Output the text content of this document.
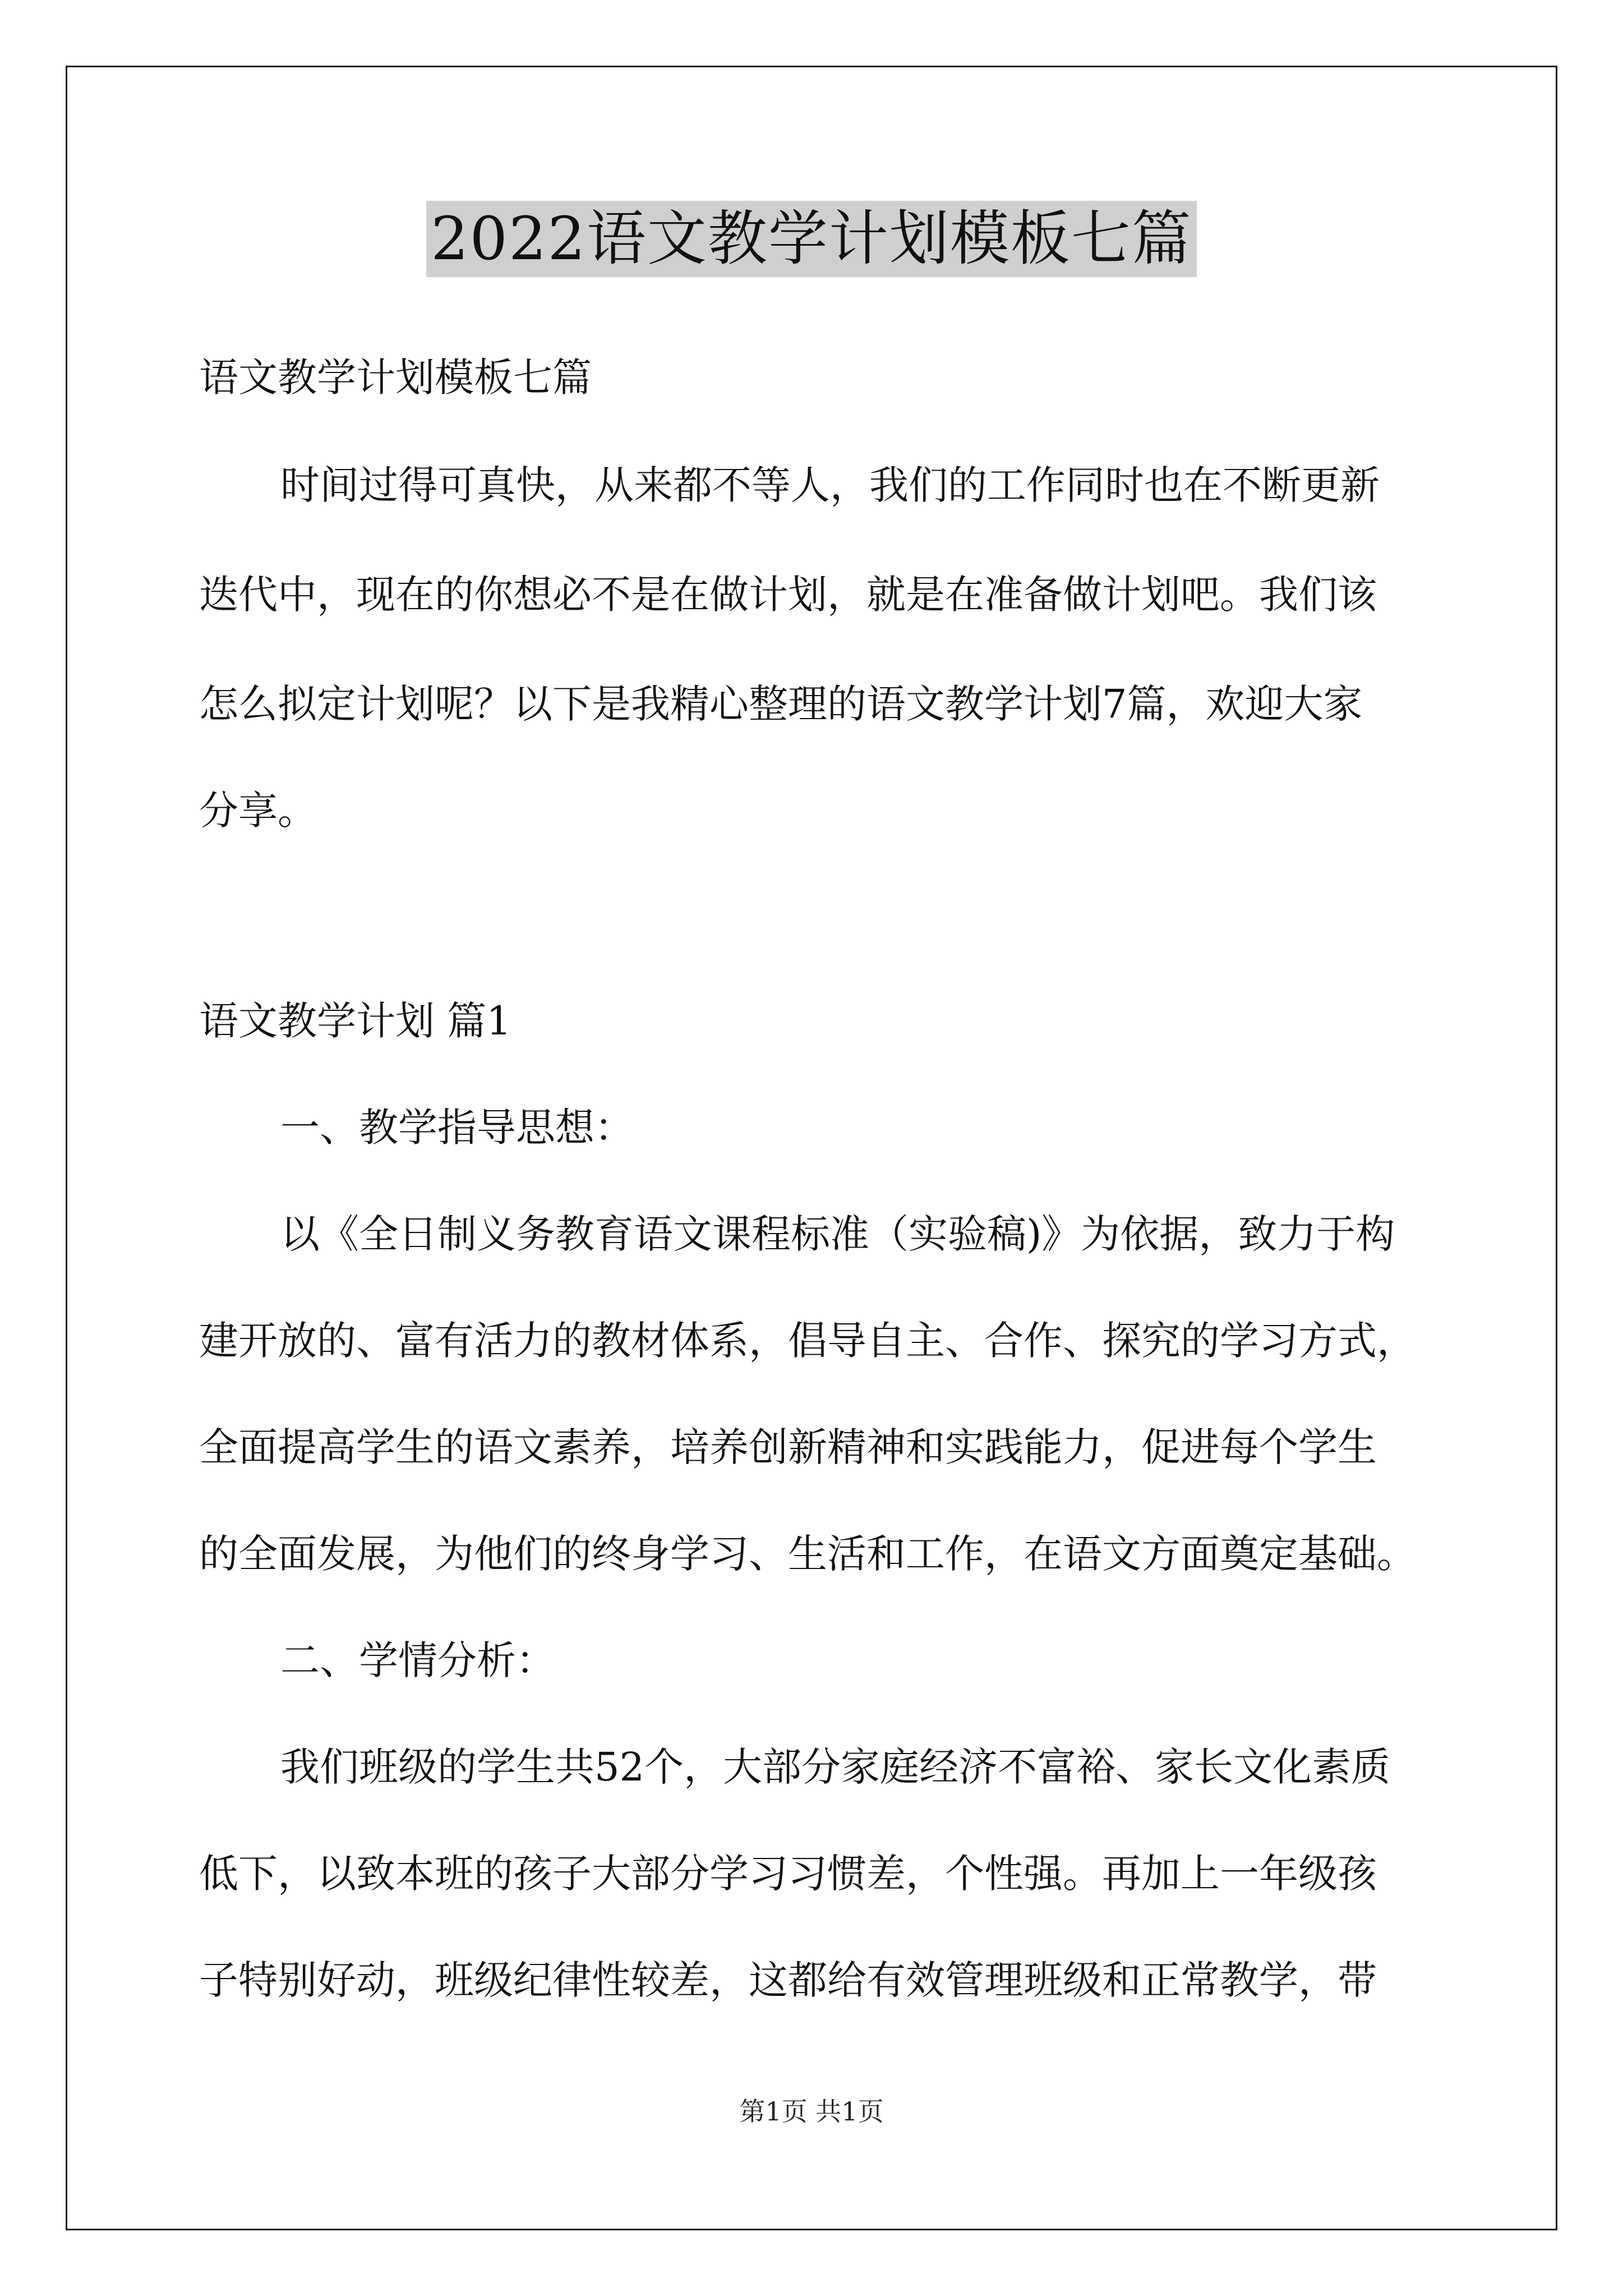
2022语文教学计划模板七篇
语文教学计划模板七篇
时间过得可真快，从来都不等人，我们的工作同时也在不断更新
迭代中，现在的你想必不是在做计划，就是在准备做计划吧。我们该
怎么拟定计划呢？以下是我精心整理的语文教学计划7篇，欢迎大家
分享。
语文教学计划 篇1
一、教学指导思想：
以《全日制义务教育语文课程标准（实验稿)》为依据，致力于构
建开放的、富有活力的教材体系，倡导自主、合作、探究的学习方式，
全面提高学生的语文素养，培养创新精神和实践能力，促进每个学生
的全面发展，为他们的终身学习、生活和工作，在语文方面奠定基础。
二、学情分析：
我们班级的学生共52个，大部分家庭经济不富裕、家长文化素质
低下，以致本班的孩子大部分学习习惯差，个性强。再加上一年级孩
子特别好动，班级纪律性较差，这都给有效管理班级和正常教学，带
第1页 共1页
